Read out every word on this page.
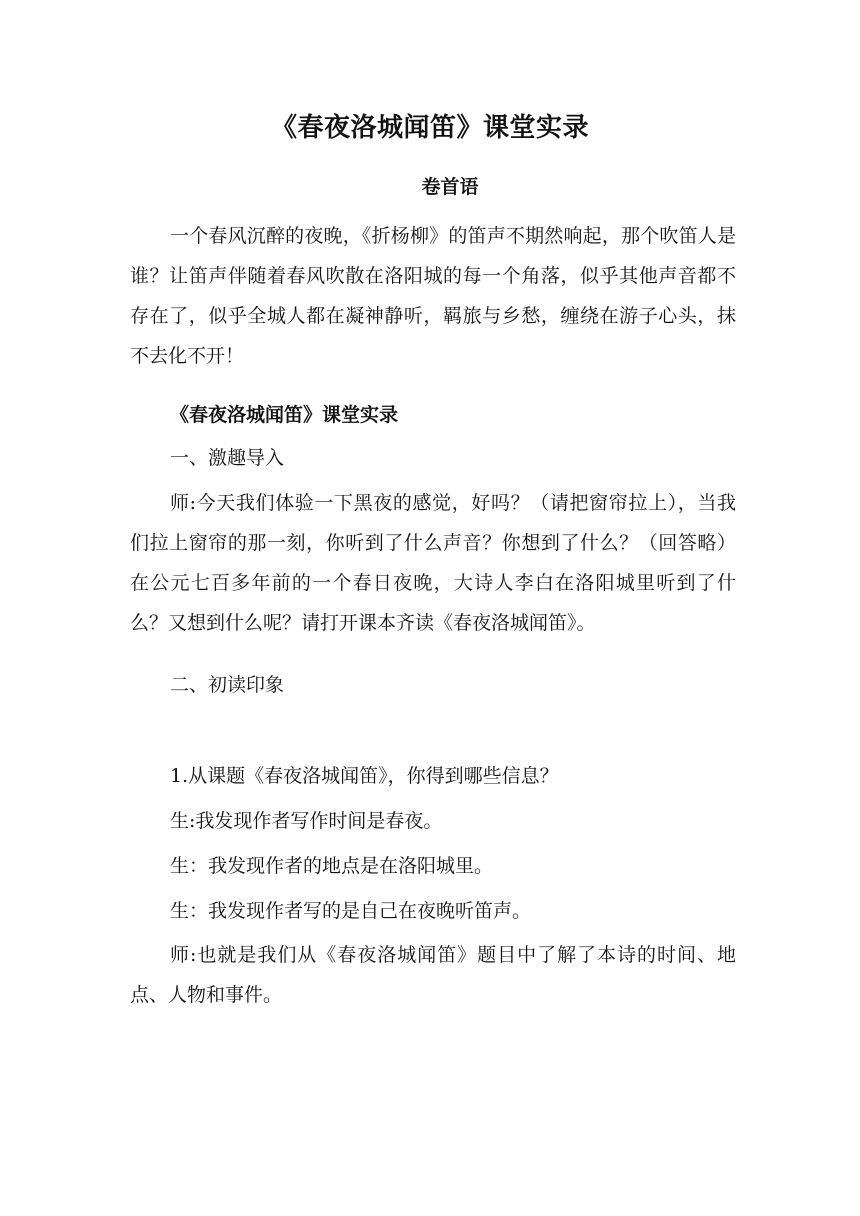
《春夜洛城闻笛》课堂实录
卷首语

一个春风沉醉的夜晚，《折杨柳》的笛声不期然响起，那个吹笛人是谁？让笛声伴随着春风吹散在洛阳城的每一个角落，似乎其他声音都不存在了，似乎全城人都在凝神静听，羁旅与乡愁，缠绕在游子心头，抹不去化不开！

《春夜洛城闻笛》课堂实录

一、激趣导入

师:今天我们体验一下黑夜的感觉，好吗？（请把窗帘拉上），当我们拉上窗帘的那一刻，你听到了什么声音？你想到了什么？（回答略）在公元七百多年前的一个春日夜晚，大诗人李白在洛阳城里听到了什么？又想到什么呢？请打开课本齐读《春夜洛城闻笛》。

二、初读印象

1.从课题《春夜洛城闻笛》，你得到哪些信息？

生:我发现作者写作时间是春夜。

生：我发现作者的地点是在洛阳城里。

生：我发现作者写的是自己在夜晚听笛声。

师:也就是我们从《春夜洛城闻笛》题目中了解了本诗的时间、地点、人物和事件。
